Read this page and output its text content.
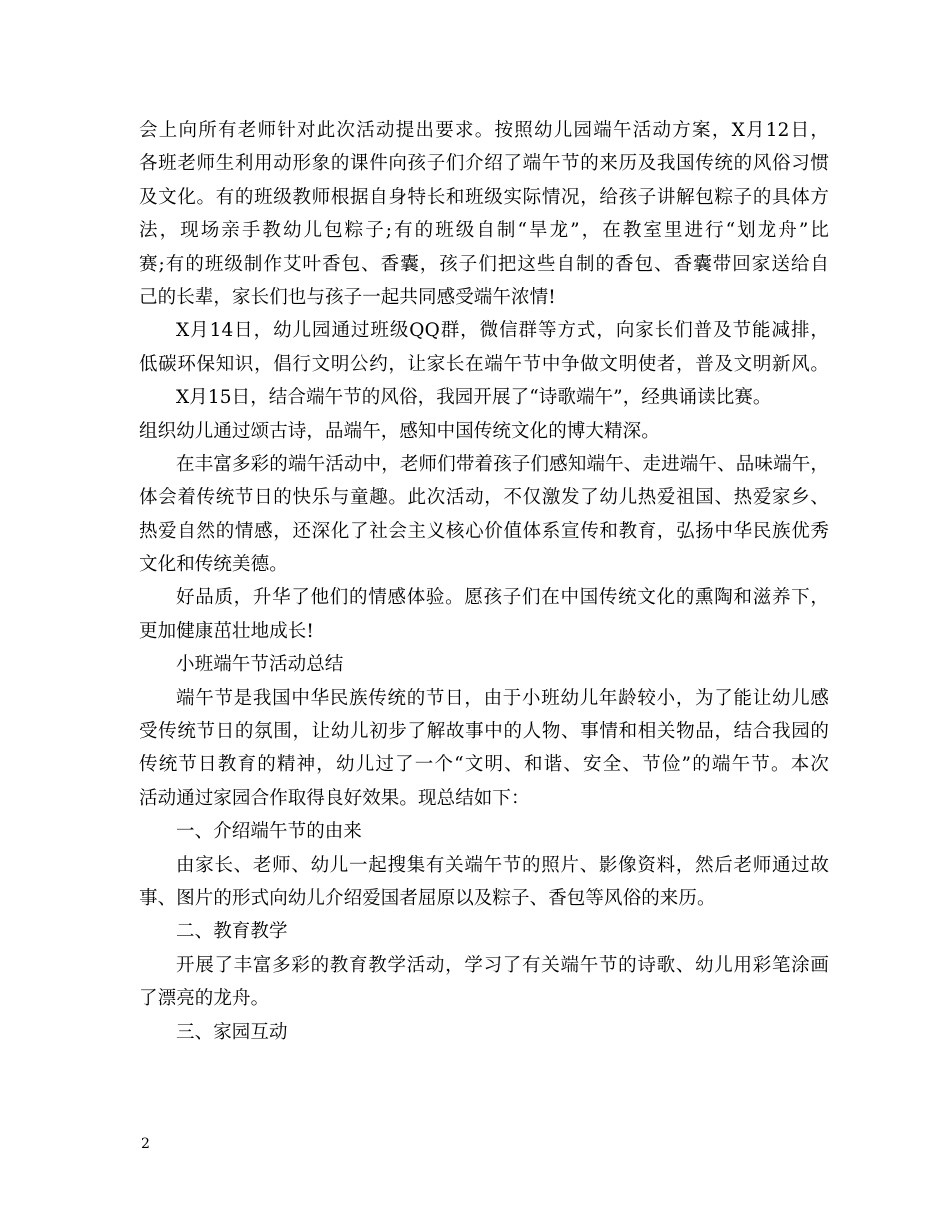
会上向所有老师针对此次活动提出要求。按照幼儿园端午活动方案，X月12日，
各班老师生利用动形象的课件向孩子们介绍了端午节的来历及我国传统的风俗习惯
及文化。有的班级教师根据自身特长和班级实际情况，给孩子讲解包粽子的具体方
法，现场亲手教幼儿包粽子;有的班级自制“旱龙”，在教室里进行“划龙舟”比
赛;有的班级制作艾叶香包、香囊，孩子们把这些自制的香包、香囊带回家送给自
己的长辈，家长们也与孩子一起共同感受端午浓情!
X月14日，幼儿园通过班级QQ群，微信群等方式，向家长们普及节能减排，
低碳环保知识，倡行文明公约，让家长在端午节中争做文明使者，普及文明新风。
X月15日，结合端午节的风俗，我园开展了“诗歌端午”，经典诵读比赛。
组织幼儿通过颂古诗，品端午，感知中国传统文化的博大精深。
在丰富多彩的端午活动中，老师们带着孩子们感知端午、走进端午、品味端午，
体会着传统节日的快乐与童趣。此次活动，不仅激发了幼儿热爱祖国、热爱家乡、
热爱自然的情感，还深化了社会主义核心价值体系宣传和教育，弘扬中华民族优秀
文化和传统美德。
好品质，升华了他们的情感体验。愿孩子们在中国传统文化的熏陶和滋养下，
更加健康茁壮地成长!
小班端午节活动总结
端午节是我国中华民族传统的节日，由于小班幼儿年龄较小，为了能让幼儿感
受传统节日的氛围，让幼儿初步了解故事中的人物、事情和相关物品，结合我园的
传统节日教育的精神，幼儿过了一个“文明、和谐、安全、节俭”的端午节。本次
活动通过家园合作取得良好效果。现总结如下：
一、介绍端午节的由来
由家长、老师、幼儿一起搜集有关端午节的照片、影像资料，然后老师通过故
事、图片的形式向幼儿介绍爱国者屈原以及粽子、香包等风俗的来历。
二、教育教学
开展了丰富多彩的教育教学活动，学习了有关端午节的诗歌、幼儿用彩笔涂画
了漂亮的龙舟。
三、家园互动
2
